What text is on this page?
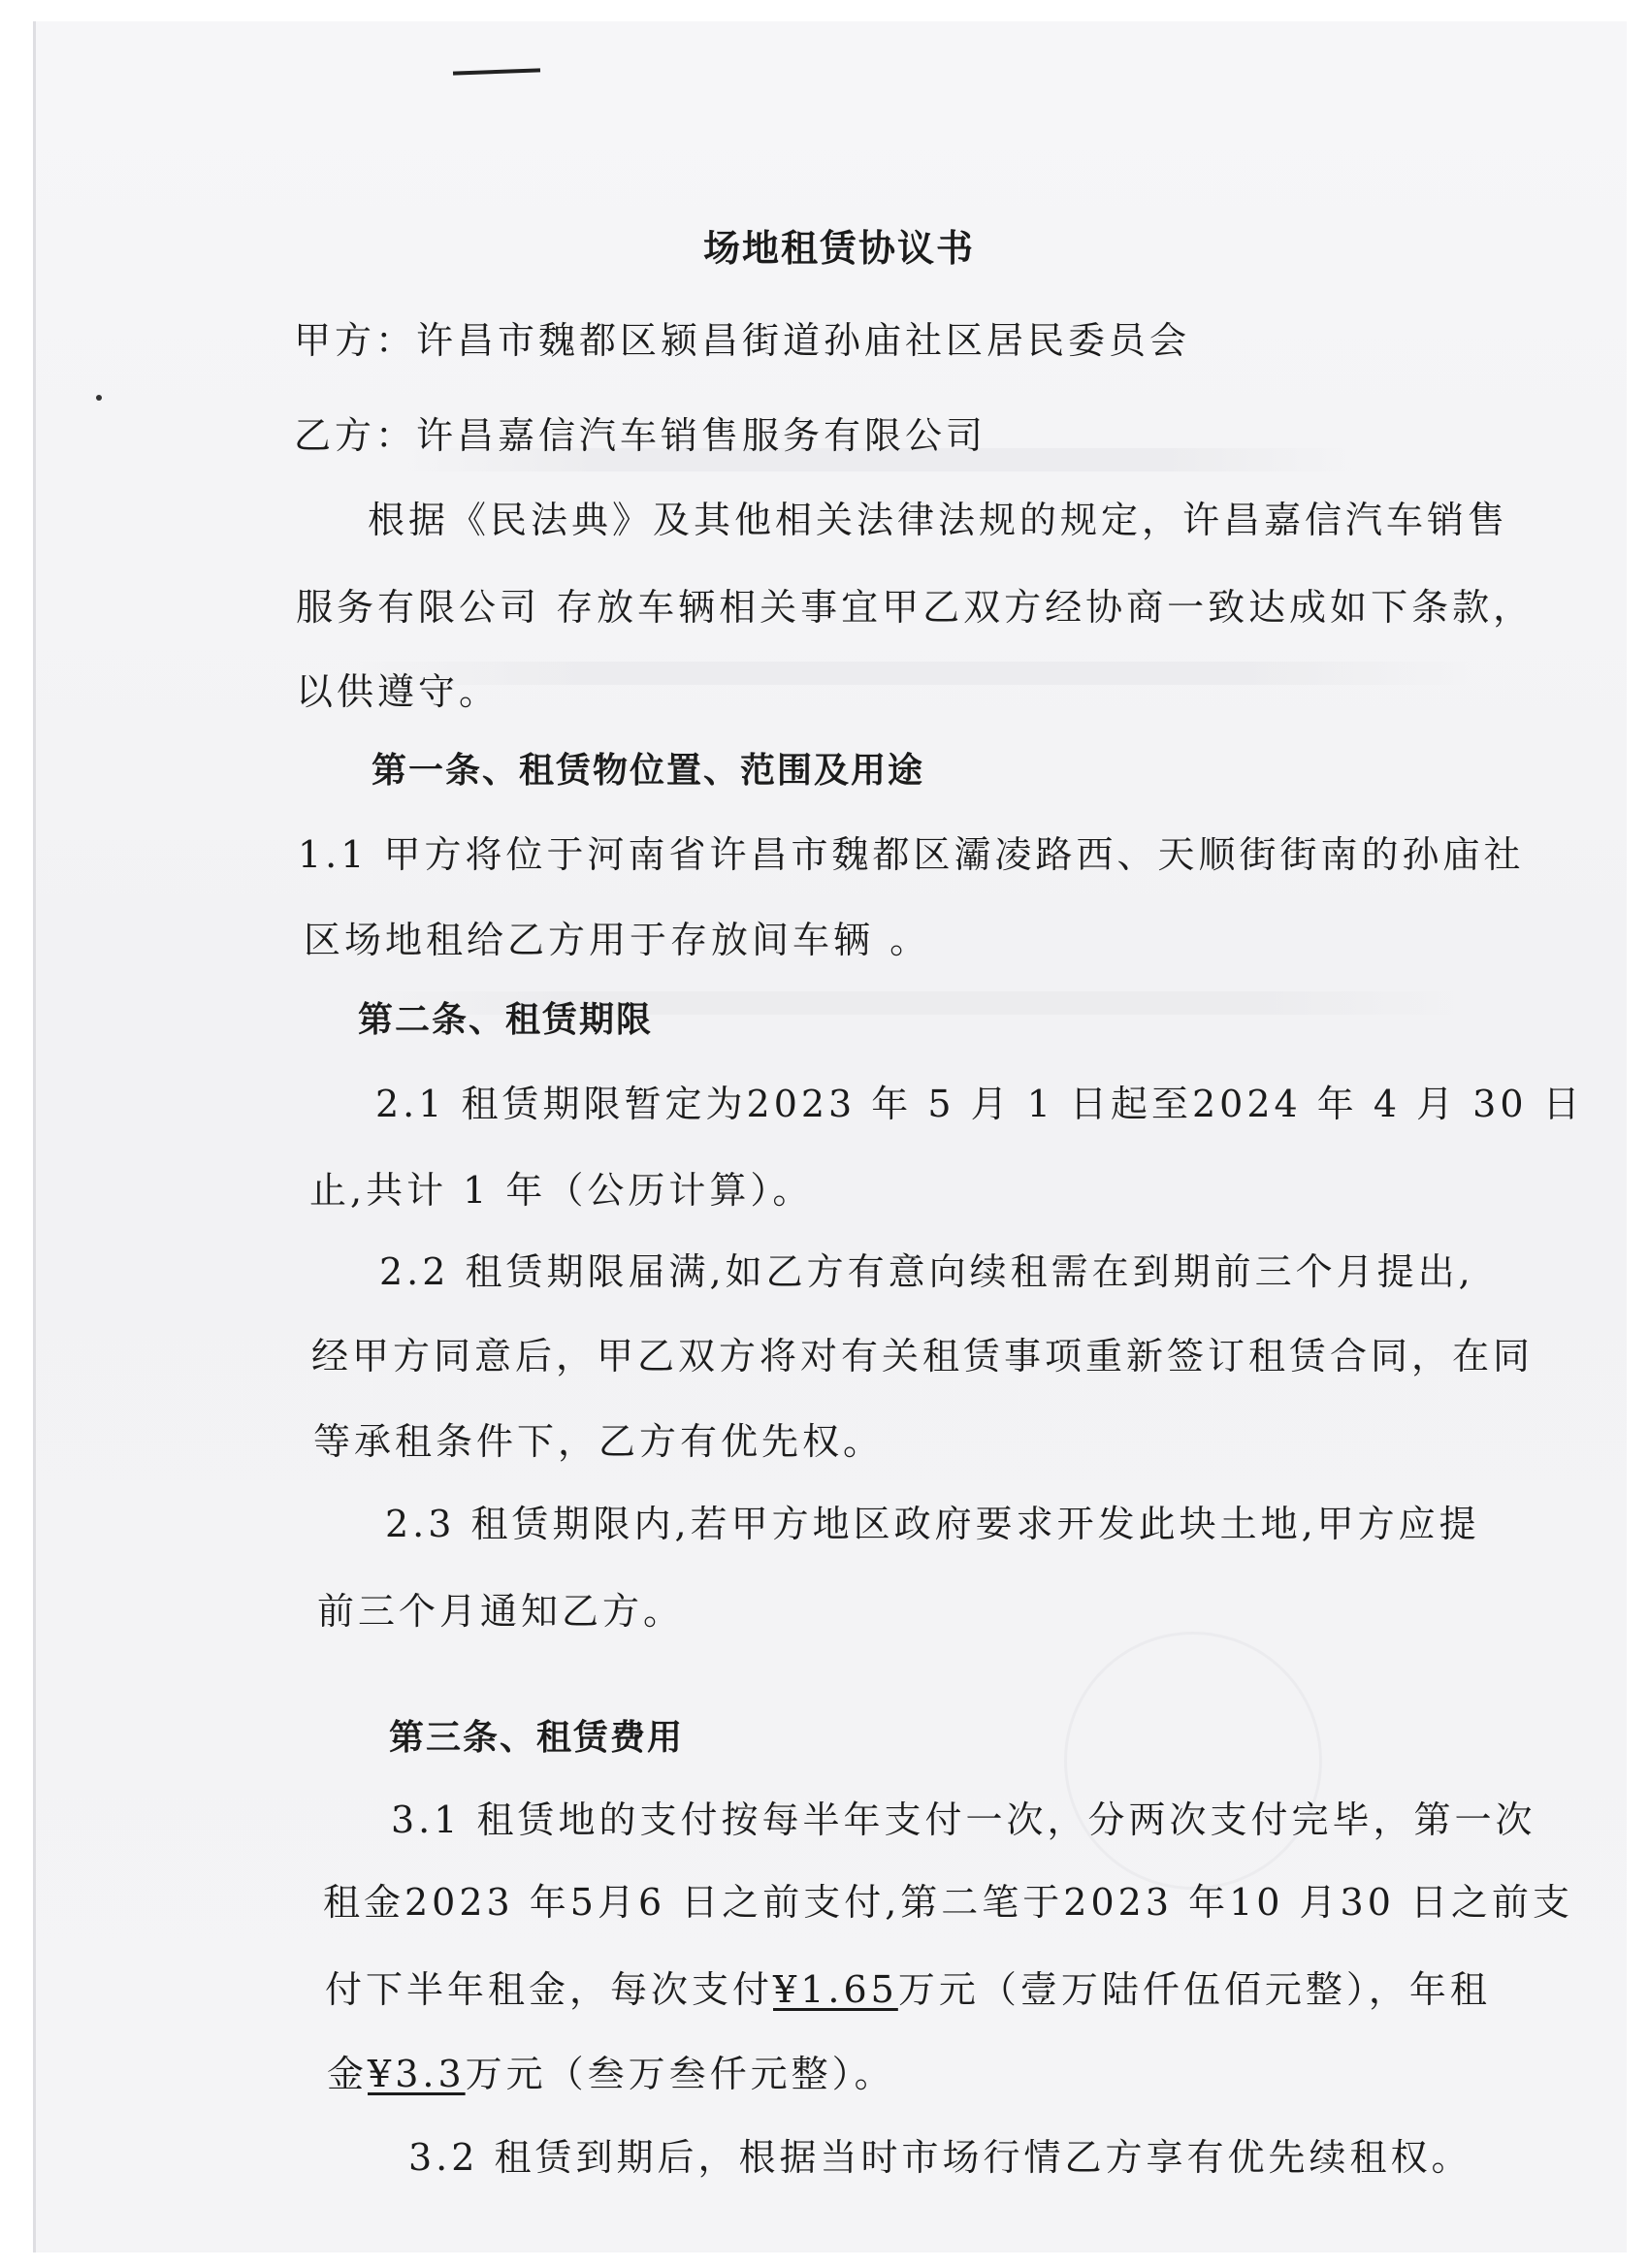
场地租赁协议书
甲方：许昌市魏都区颍昌街道孙庙社区居民委员会
乙方：许昌嘉信汽车销售服务有限公司
根据《民法典》及其他相关法律法规的规定，许昌嘉信汽车销售
服务有限公司 存放车辆相关事宜甲乙双方经协商一致达成如下条款，
以供遵守。
第一条、租赁物位置、范围及用途
1.1 甲方将位于河南省许昌市魏都区灞凌路西、天顺街街南的孙庙社
区场地租给乙方用于存放间车辆 。
第二条、租赁期限
2.1 租赁期限暂定为2023 年 5 月 1 日起至2024 年 4 月 30 日
止,共计 1 年（公历计算）。
2.2 租赁期限届满,如乙方有意向续租需在到期前三个月提出,
经甲方同意后，甲乙双方将对有关租赁事项重新签订租赁合同，在同
等承租条件下，乙方有优先权。
2.3 租赁期限内,若甲方地区政府要求开发此块土地,甲方应提
前三个月通知乙方。
第三条、租赁费用
3.1 租赁地的支付按每半年支付一次，分两次支付完毕，第一次
租金2023 年5月6 日之前支付,第二笔于2023 年10 月30 日之前支
付下半年租金，每次支付¥1.65万元（壹万陆仟伍佰元整），年租
金¥3.3万元（叁万叁仟元整）。
3.2 租赁到期后，根据当时市场行情乙方享有优先续租权。
